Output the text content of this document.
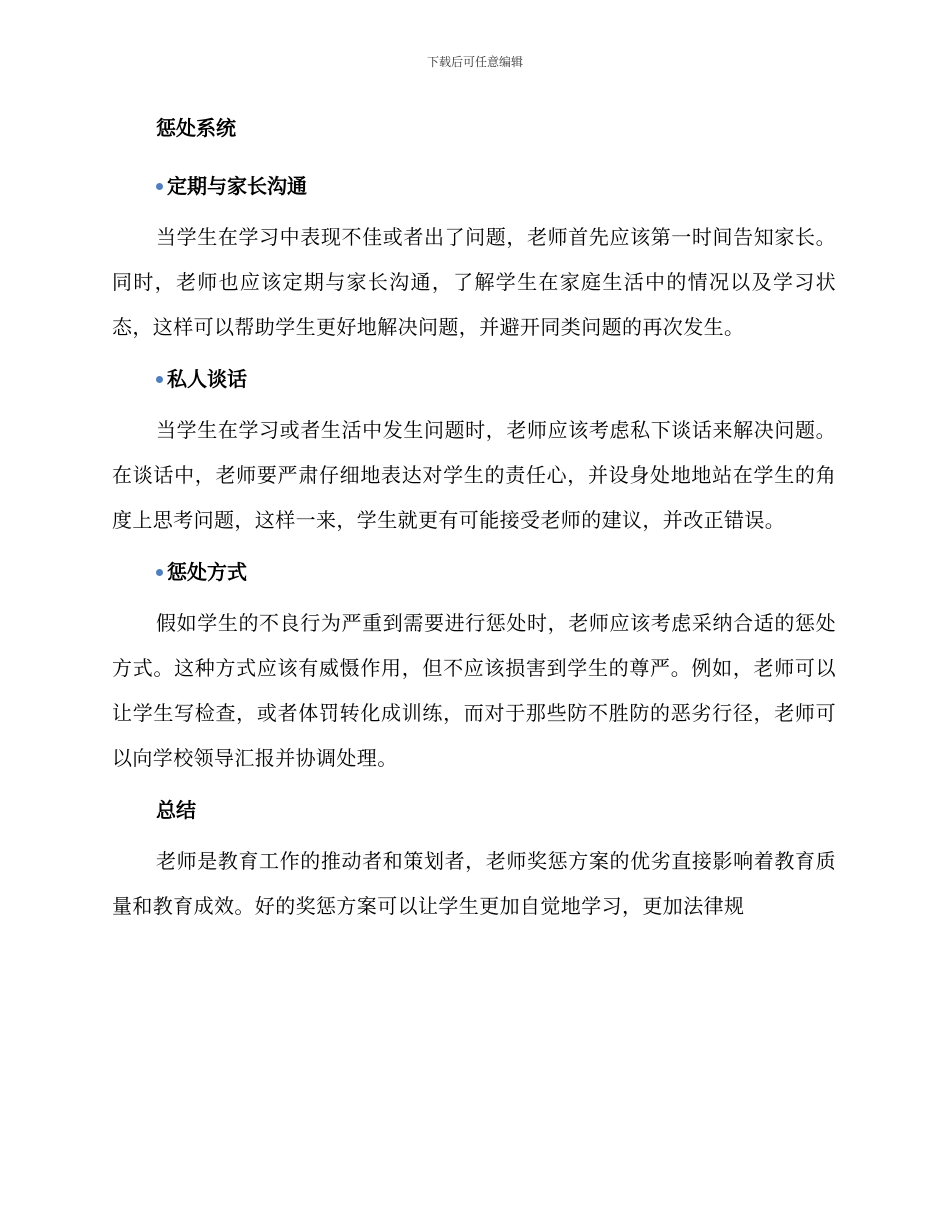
下载后可任意编辑
惩处系统
定期与家长沟通

当学生在学习中表现不佳或者出了问题，老师首先应该第一时间告知家长。同时，老师也应该定期与家长沟通，了解学生在家庭生活中的情况以及学习状态，这样可以帮助学生更好地解决问题，并避开同类问题的再次发生。

私人谈话

当学生在学习或者生活中发生问题时，老师应该考虑私下谈话来解决问题。在谈话中，老师要严肃仔细地表达对学生的责任心，并设身处地地站在学生的角度上思考问题，这样一来，学生就更有可能接受老师的建议，并改正错误。

惩处方式

假如学生的不良行为严重到需要进行惩处时，老师应该考虑采纳合适的惩处方式。这种方式应该有威慑作用，但不应该损害到学生的尊严。例如，老师可以让学生写检查，或者体罚转化成训练，而对于那些防不胜防的恶劣行径，老师可以向学校领导汇报并协调处理。

总结

老师是教育工作的推动者和策划者，老师奖惩方案的优劣直接影响着教育质量和教育成效。好的奖惩方案可以让学生更加自觉地学习，更加法律规
